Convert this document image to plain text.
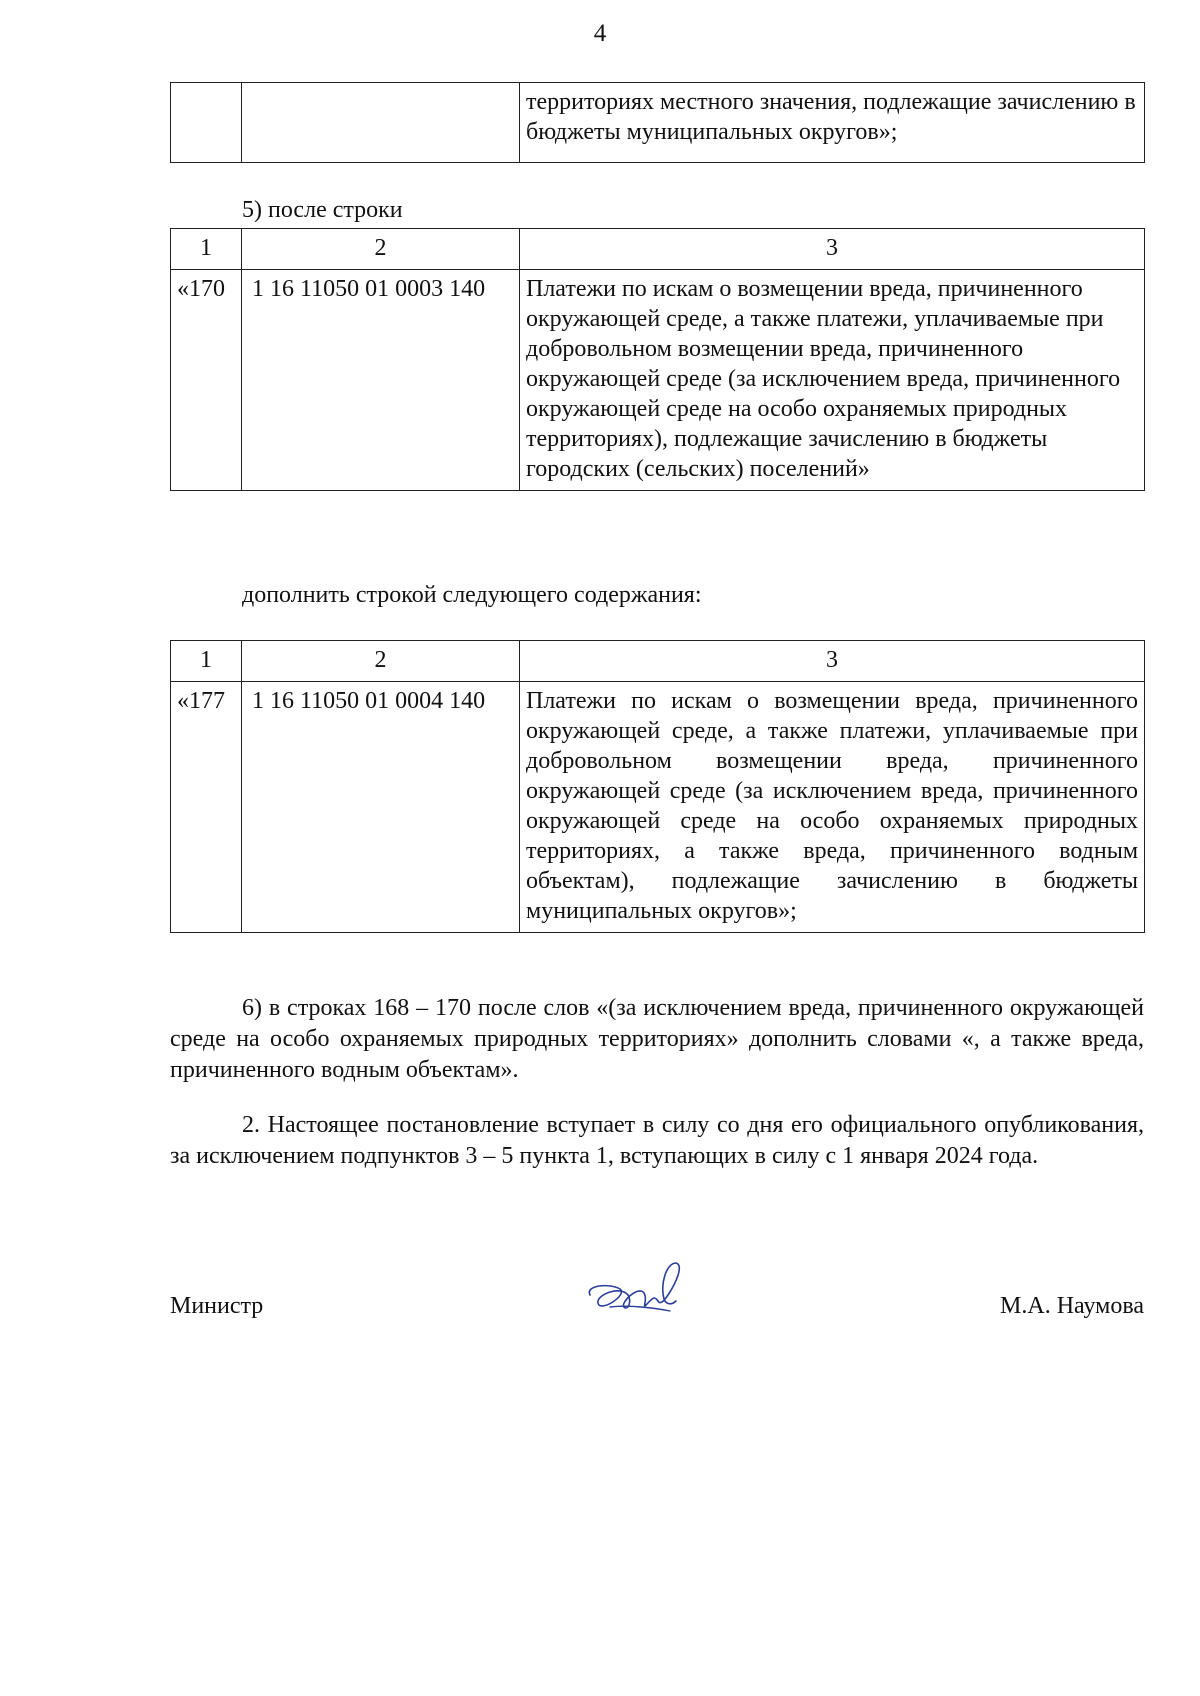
4
		территориях местного значения, подлежащие зачислению в бюджеты муниципальных округов»;

5) после строки

1	2	3
«170	1 16 11050 01 0003 140	Платежи по искам о возмещении вреда, причиненного окружающей среде, а также платежи, уплачиваемые при добровольном возмещении вреда, причиненного окружающей среде (за исключением вреда, причиненного окружающей среде на особо охраняемых природных территориях), подлежащие зачислению в бюджеты городских (сельских) поселений»

дополнить строкой следующего содержания:

1	2	3
«177	1 16 11050 01 0004 140	Платежи по искам о возмещении вреда, причиненного окружающей среде, а также платежи, уплачиваемые при добровольном возмещении вреда, причиненного окружающей среде (за исключением вреда, причиненного окружающей среде на особо охраняемых природных территориях, а также вреда, причиненного водным объектам), подлежащие зачислению в бюджеты муниципальных округов»;

6) в строках 168 – 170 после слов «(за исключением вреда, причиненного окружающей среде на особо охраняемых природных территориях» дополнить словами «, а также вреда, причиненного водным объектам».

2. Настоящее постановление вступает в силу со дня его официального опубликования, за исключением подпунктов 3 – 5 пункта 1, вступающих в силу с 1 января 2024 года.

Министр	М.А. Наумова
